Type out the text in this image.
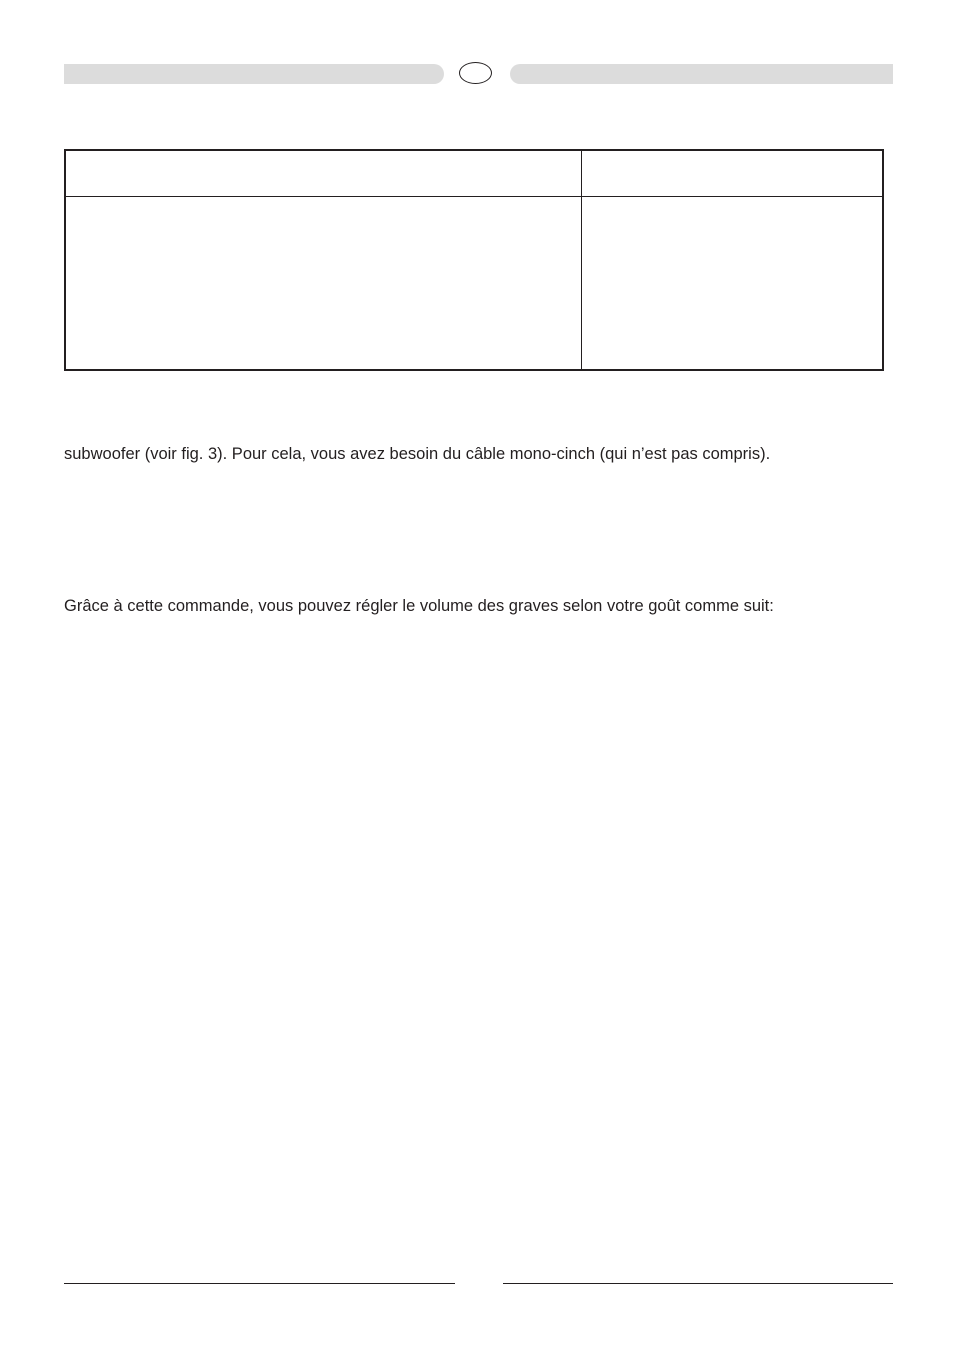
subwoofer (voir fig. 3). Pour cela, vous avez besoin du câble mono-cinch (qui n’est pas compris).

Grâce à cette commande, vous pouvez régler le volume des graves selon votre goût comme suit:
